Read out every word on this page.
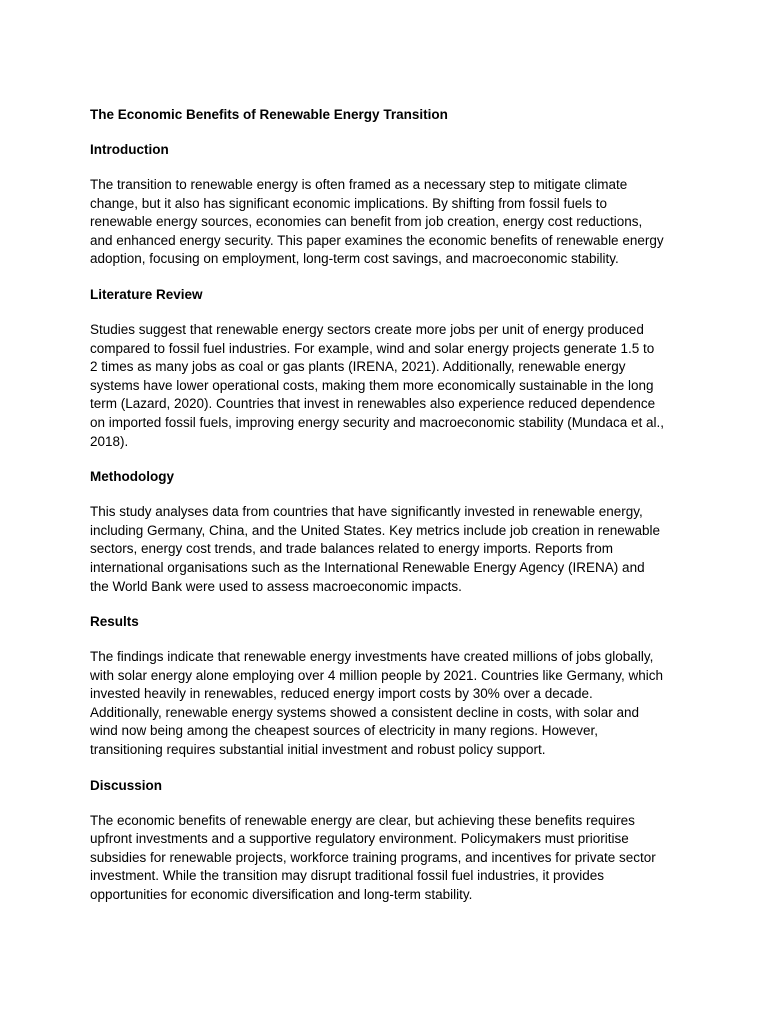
The Economic Benefits of Renewable Energy Transition
Introduction
The transition to renewable energy is often framed as a necessary step to mitigate climate
change, but it also has significant economic implications. By shifting from fossil fuels to
renewable energy sources, economies can benefit from job creation, energy cost reductions,
and enhanced energy security. This paper examines the economic benefits of renewable energy
adoption, focusing on employment, long-term cost savings, and macroeconomic stability.
Literature Review
Studies suggest that renewable energy sectors create more jobs per unit of energy produced
compared to fossil fuel industries. For example, wind and solar energy projects generate 1.5 to
2 times as many jobs as coal or gas plants (IRENA, 2021). Additionally, renewable energy
systems have lower operational costs, making them more economically sustainable in the long
term (Lazard, 2020). Countries that invest in renewables also experience reduced dependence
on imported fossil fuels, improving energy security and macroeconomic stability (Mundaca et al.,
2018).
Methodology
This study analyses data from countries that have significantly invested in renewable energy,
including Germany, China, and the United States. Key metrics include job creation in renewable
sectors, energy cost trends, and trade balances related to energy imports. Reports from
international organisations such as the International Renewable Energy Agency (IRENA) and
the World Bank were used to assess macroeconomic impacts.
Results
The findings indicate that renewable energy investments have created millions of jobs globally,
with solar energy alone employing over 4 million people by 2021. Countries like Germany, which
invested heavily in renewables, reduced energy import costs by 30% over a decade.
Additionally, renewable energy systems showed a consistent decline in costs, with solar and
wind now being among the cheapest sources of electricity in many regions. However,
transitioning requires substantial initial investment and robust policy support.
Discussion
The economic benefits of renewable energy are clear, but achieving these benefits requires
upfront investments and a supportive regulatory environment. Policymakers must prioritise
subsidies for renewable projects, workforce training programs, and incentives for private sector
investment. While the transition may disrupt traditional fossil fuel industries, it provides
opportunities for economic diversification and long-term stability.
